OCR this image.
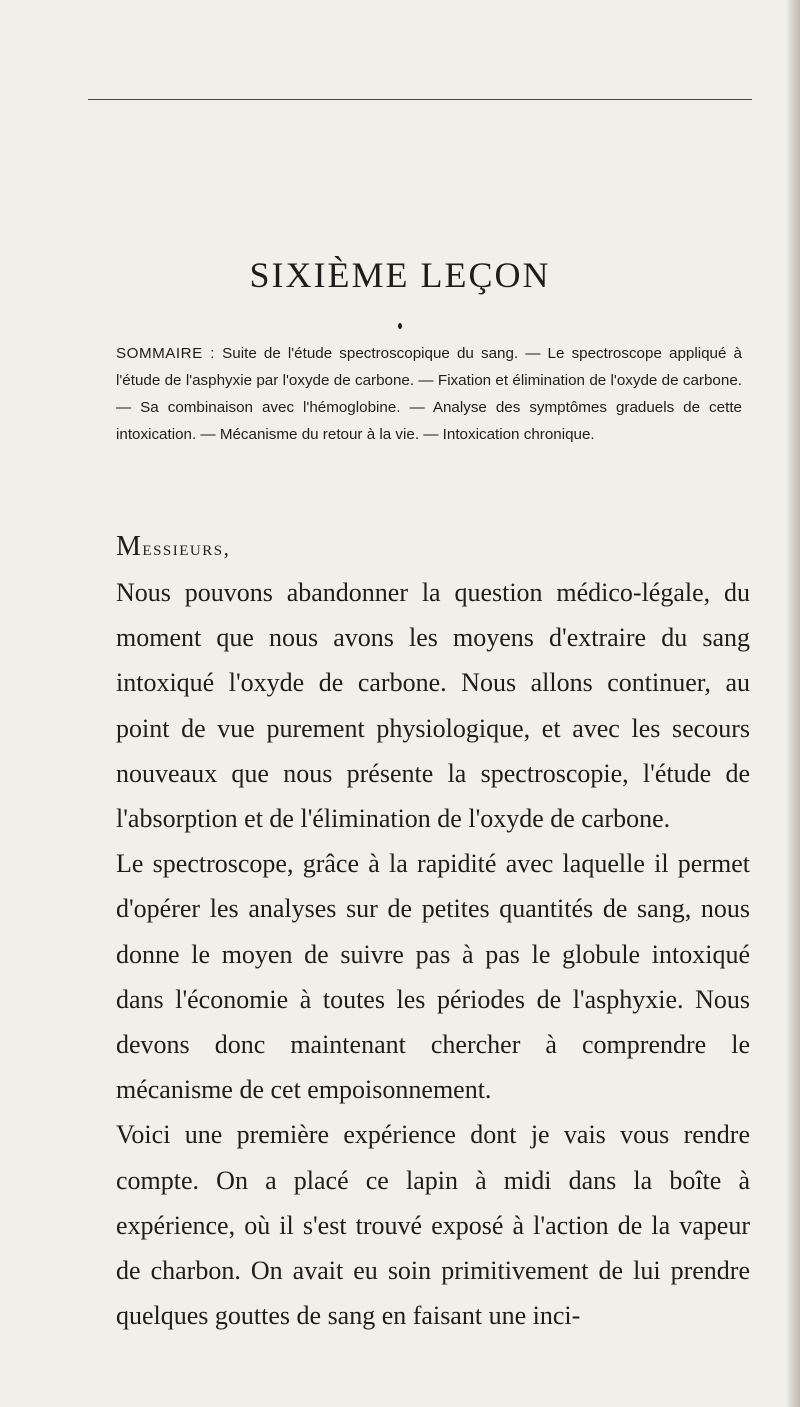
SIXIÈME LEÇON

SOMMAIRE : Suite de l'étude spectroscopique du sang. — Le spectroscope appliqué à l'étude de l'asphyxie par l'oxyde de carbone. — Fixation et élimination de l'oxyde de carbone. — Sa combinaison avec l'hémoglobine. — Analyse des symptômes graduels de cette intoxication. — Mécanisme du retour à la vie. — Intoxication chronique.

Messieurs,

Nous pouvons abandonner la question médico-légale, du moment que nous avons les moyens d'extraire du sang intoxiqué l'oxyde de carbone. Nous allons continuer, au point de vue purement physiologique, et avec les secours nouveaux que nous présente la spectroscopie, l'étude de l'absorption et de l'élimination de l'oxyde de carbone.

Le spectroscope, grâce à la rapidité avec laquelle il permet d'opérer les analyses sur de petites quantités de sang, nous donne le moyen de suivre pas à pas le globule intoxiqué dans l'économie à toutes les périodes de l'asphyxie. Nous devons donc maintenant chercher à comprendre le mécanisme de cet empoisonnement.

Voici une première expérience dont je vais vous rendre compte. On a placé ce lapin à midi dans la boîte à expérience, où il s'est trouvé exposé à l'action de la vapeur de charbon. On avait eu soin primitivement de lui prendre quelques gouttes de sang en faisant une inci-
